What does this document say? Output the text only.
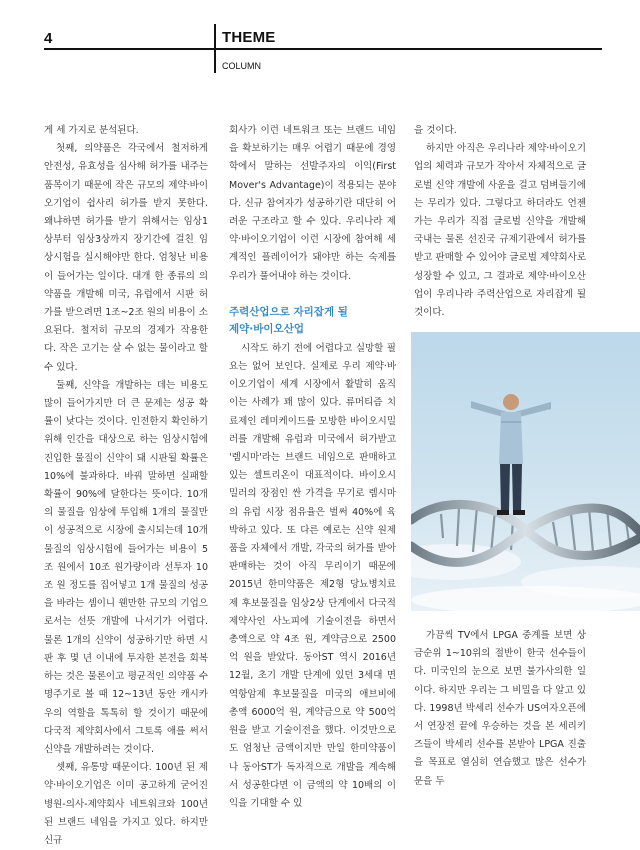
4	THEME
COLUMN

게 세 가지로 분석된다.

첫째, 의약품은 각국에서 철저하게 안전성, 유효성을 심사해 허가를 내주는 품목이기 때문에 작은 규모의 제약·바이오기업이 쉽사리 허가를 받지 못한다. 왜냐하면 허가를 받기 위해서는 임상1상부터 임상3상까지 장기간에 걸친 임상시험을 실시해야만 한다. 엄청난 비용이 들어가는 일이다. 대개 한 종류의 의약품을 개발해 미국, 유럽에서 시판 허가를 받으려면 1조~2조 원의 비용이 소요된다. 철저히 규모의 경제가 작용한다. 작은 고기는 살 수 없는 물이라고 할 수 있다.

둘째, 신약을 개발하는 데는 비용도 많이 들어가지만 더 큰 문제는 성공 확률이 낮다는 것이다. 인전한지 확인하기 위해 인간을 대상으로 하는 임상시험에 진입한 물질이 신약이 돼 시판될 확률은 10%에 불과하다. 바꿔 말하면 실패할 확률이 90%에 달한다는 뜻이다. 10개의 물질을 임상에 투입해 1개의 물질만이 성공적으로 시장에 출시되는데 10개 물질의 임상시험에 들어가는 비용이 5조 원에서 10조 원가량이라 선투자 10조 원 정도를 집어넣고 1개 물질의 성공을 바라는 셈이니 웬만한 규모의 기업으로서는 선뜻 개발에 나서기가 어렵다. 물론 1개의 신약이 성공하기만 하면 시판 후 몇 년 이내에 투자한 본전을 회복하는 것은 물론이고 평균적인 의약품 수명주기로 볼 때 12~13년 동안 캐시카우의 역할을 톡톡히 할 것이기 때문에 다국적 제약회사에서 그토록 애를 써서 신약을 개발하려는 것이다.

셋째, 유통망 때문이다. 100년 된 제약·바이오기업은 이미 공고하게 굳어진 병원-의사-제약회사 네트워크와 100년 된 브랜드 네임을 가지고 있다. 하지만 신규

회사가 이런 네트워크 또는 브랜드 네임을 확보하기는 매우 어렵기 때문에 경영학에서 말하는 선발주자의 이익(First Mover's Advantage)이 적용되는 분야다. 신규 참여자가 성공하기란 대단히 어려운 구조라고 할 수 있다. 우리나라 제약·바이오기업이 이런 시장에 참여해 세계적인 플레이어가 돼야만 하는 숙제를 우리가 풀어내야 하는 것이다.

주력산업으로 자리잡게 될
제약·바이오산업

시작도 하기 전에 어렵다고 실망할 필요는 없어 보인다. 실제로 우리 제약·바이오기업이 세계 시장에서 활발히 움직이는 사례가 꽤 많이 있다. 류머티즘 치료제인 레미케이드를 모방한 바이오시밀러를 개발해 유럽과 미국에서 허가받고 '렘시마'라는 브랜드 네임으로 판매하고 있는 셀트리온이 대표적이다. 바이오시밀러의 장점인 싼 가격을 무기로 렘시마의 유럽 시장 점유율은 벌써 40%에 육박하고 있다. 또 다른 예로는 신약 원제품을 자체에서 개발, 각국의 허가를 받아 판매하는 것이 아직 무리이기 때문에 2015년 한미약품은 제2형 당뇨병치료제 후보물질을 임상2상 단계에서 다국적 제약사인 사노피에 기술이전을 하면서 총액으로 약 4조 원, 계약금으로 2500억 원을 받았다. 동아ST 역시 2016년 12월, 초기 개발 단계에 있던 3세대 면역항암제 후보물질을 미국의 애브비에 총액 6000억 원, 계약금으로 약 500억 원을 받고 기술이전을 했다. 이것만으로도 엄청난 금액이지만 만일 한미약품이나 동아ST가 독자적으로 개발을 계속해서 성공한다면 이 금액의 약 10배의 이익을 기대할 수 있

을 것이다.

하지만 아직은 우리나라 제약·바이오기업의 체력과 규모가 작아서 자체적으로 글로벌 신약 개발에 사운을 걸고 덤벼들기에는 무리가 있다. 그렇다고 하더라도 언젠가는 우리가 직접 글로벌 신약을 개발해 국내는 물론 선진국 규제기관에서 허가를 받고 판매할 수 있어야 글로벌 제약회사로 성장할 수 있고, 그 결과로 제약·바이오산업이 우리나라 주력산업으로 자리잡게 될 것이다.

가끔씩 TV에서 LPGA 중계를 보면 상금순위 1~10위의 절반이 한국 선수들이다. 미국인의 눈으로 보면 불가사의한 일이다. 하지만 우리는 그 비밀을 다 알고 있다. 1998년 박세리 선수가 US여자오픈에서 연장전 끝에 우승하는 것을 본 세리키즈들이 박세리 선수를 본받아 LPGA 진출을 목표로 열심히 연습했고 많은 선수가 문을 두
